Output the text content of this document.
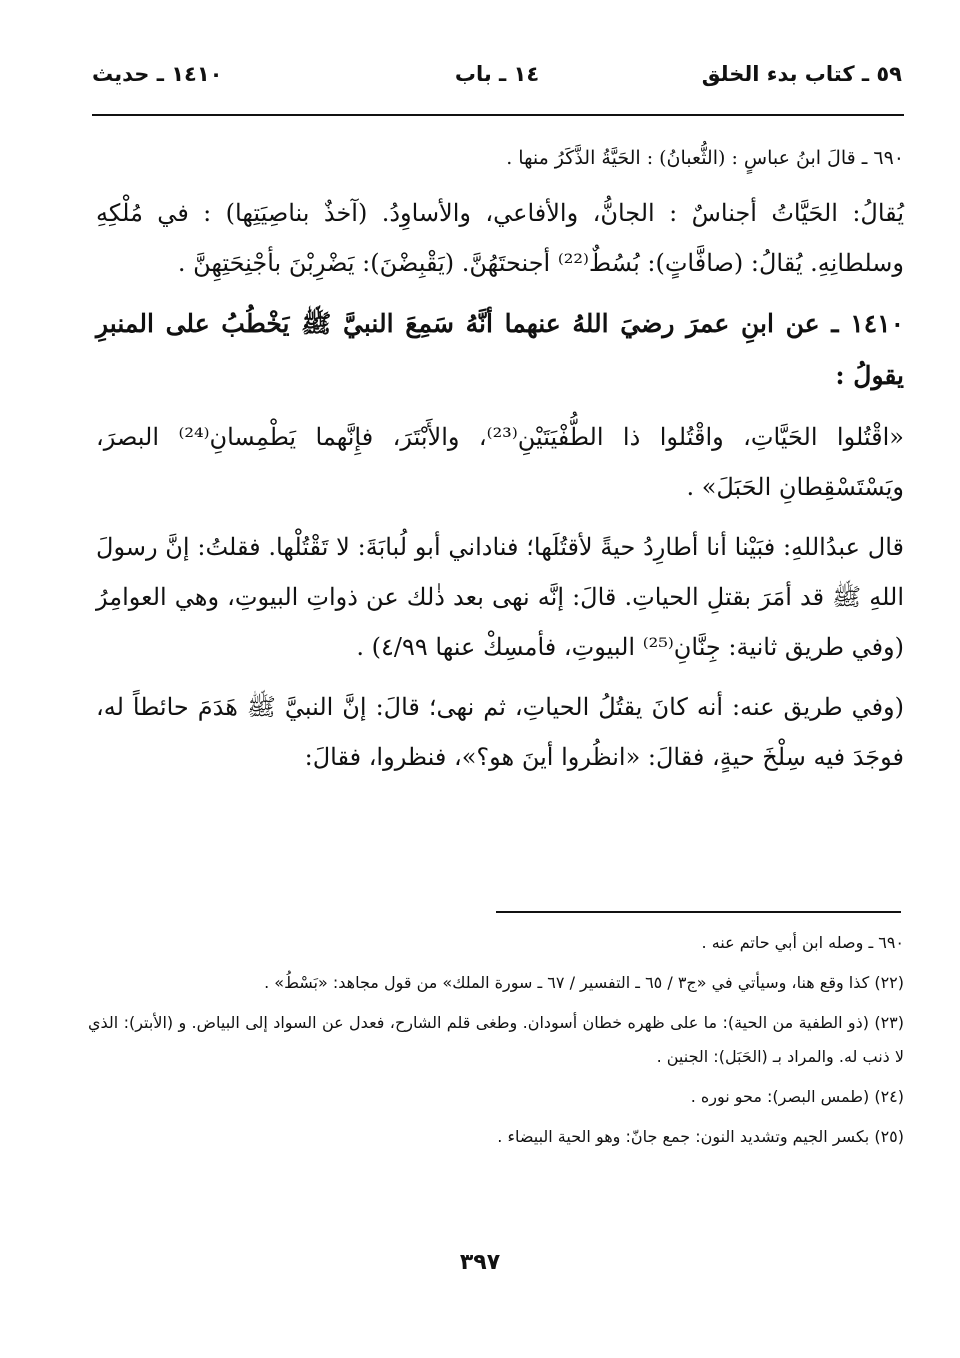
٥٩ ـ كتاب بدء الخلق
١٤ ـ باب
١٤١٠ ـ حديث

٦٩٠ ـ قالَ ابنُ عباسٍ : (الثُّعبانُ) : الحَيَّةُ الذَّكَرُ منها .

يُقالُ: الحَيَّاتُ أجناسٌ : الجانُّ، والأفاعي، والأساوِدُ. (آخذٌ بناصِيَتِها) : في مُلْكِهِ وسلطانِهِ. يُقالُ: (صافَّاتٍ): بُسُطٌ⁽²²⁾ أجنحتَهُنَّ. (يَقْبِضْنَ): يَضْرِبْنَ بأجْنِحَتِهِنَّ .

١٤١٠ ـ عن ابنِ عمرَ رضيَ اللهُ عنهما أنَّهُ سَمِعَ النبيَّ ﷺ يَخْطُبُ على المنبرِ يقولُ :

«اقْتُلوا الحَيَّاتِ، واقْتُلوا ذا الطُّفْيَتَيْنِ⁽²³⁾، والأَبْتَرَ، فإِنَّهما يَطْمِسانِ⁽²⁴⁾ البصرَ، ويَسْتَسْقِطانِ الحَبَلَ» .

قال عبدُاللهِ: فبَيْنا أنا أطارِدُ حيةً لأقتُلَها؛ فناداني أبو لُبابَةَ: لا تَقْتُلْها. فقلتُ: إنَّ رسولَ اللهِ ﷺ قد أمَرَ بقتلِ الحياتِ. قالَ: إنَّه نهى بعد ذٰلك عن ذواتِ البيوتِ، وهي العوامِرُ (وفي طريق ثانية: جِنَّانِ⁽²⁵⁾ البيوتِ، فأمسِكْ عنها ٤/٩٩) .

(وفي طريق عنه: أنه كانَ يقتُلُ الحياتِ، ثم نهى؛ قالَ: إنَّ النبيَّ ﷺ هَدَمَ حائطاً له، فوجَدَ فيه سِلْخَ حيةٍ، فقالَ: «انظُروا أينَ هو؟»، فنظروا، فقالَ:

٦٩٠ ـ وصله ابن أبي حاتم عنه .

(٢٢) كذا وقع هنا، وسيأتي في «ج٣ / ٦٥ ـ التفسير / ٦٧ ـ سورة الملك» من قول مجاهد: «بَسْطُ» .

(٢٣) (ذو الطفية من الحية): ما على ظهره خطان أسودان. وطغى قلم الشارح، فعدل عن السواد إلى البياض. و (الأبتر): الذي لا ذنب له. والمراد بـ (الحَبَل): الجنين .

(٢٤) (طمس البصر): محو نوره .

(٢٥) بكسر الجيم وتشديد النون: جمع جانّ: وهو الحية البيضاء .

٣٩٧
